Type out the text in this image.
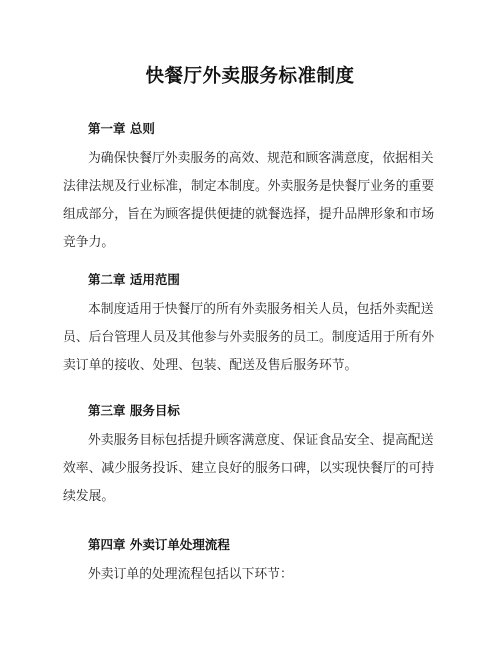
快餐厅外卖服务标准制度
第一章 总则
为确保快餐厅外卖服务的高效、规范和顾客满意度，依据相关
法律法规及行业标准，制定本制度。外卖服务是快餐厅业务的重要
组成部分，旨在为顾客提供便捷的就餐选择，提升品牌形象和市场
竞争力。
第二章 适用范围
本制度适用于快餐厅的所有外卖服务相关人员，包括外卖配送
员、后台管理人员及其他参与外卖服务的员工。制度适用于所有外
卖订单的接收、处理、包装、配送及售后服务环节。
第三章 服务目标
外卖服务目标包括提升顾客满意度、保证食品安全、提高配送
效率、减少服务投诉、建立良好的服务口碑，以实现快餐厅的可持
续发展。
第四章 外卖订单处理流程
外卖订单的处理流程包括以下环节：
